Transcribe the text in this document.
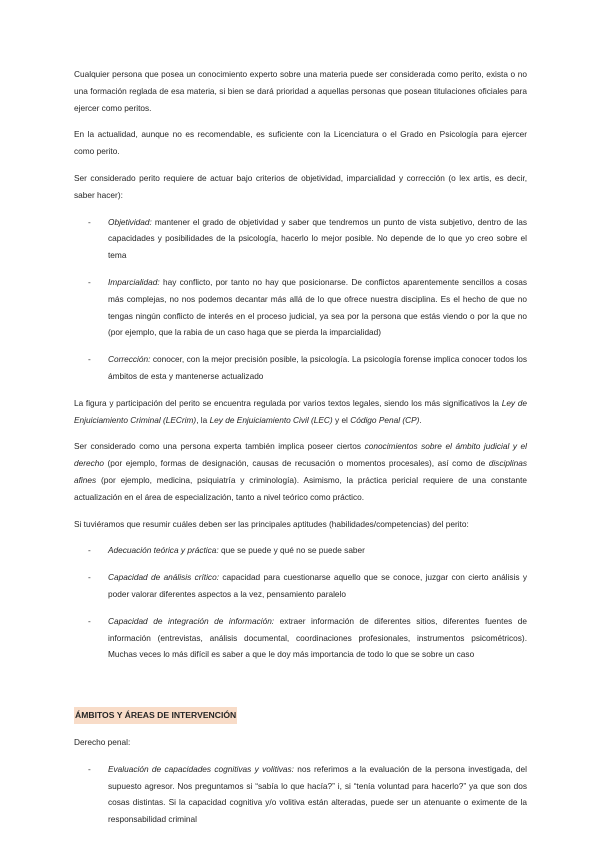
Cualquier persona que posea un conocimiento experto sobre una materia puede ser considerada como perito, exista o no una formación reglada de esa materia, si bien se dará prioridad a aquellas personas que posean titulaciones oficiales para ejercer como peritos.

En la actualidad, aunque no es recomendable, es suficiente con la Licenciatura o el Grado en Psicología para ejercer como perito.

Ser considerado perito requiere de actuar bajo criterios de objetividad, imparcialidad y corrección (o lex artis, es decir, saber hacer):

- Objetividad: mantener el grado de objetividad y saber que tendremos un punto de vista subjetivo, dentro de las capacidades y posibilidades de la psicología, hacerlo lo mejor posible. No depende de lo que yo creo sobre el tema
- Imparcialidad: hay conflicto, por tanto no hay que posicionarse. De conflictos aparentemente sencillos a cosas más complejas, no nos podemos decantar más allá de lo que ofrece nuestra disciplina. Es el hecho de que no tengas ningún conflicto de interés en el proceso judicial, ya sea por la persona que estás viendo o por la que no (por ejemplo, que la rabia de un caso haga que se pierda la imparcialidad)
- Corrección: conocer, con la mejor precisión posible, la psicología. La psicología forense implica conocer todos los ámbitos de esta y mantenerse actualizado

La figura y participación del perito se encuentra regulada por varios textos legales, siendo los más significativos la Ley de Enjuiciamiento Criminal (LECrim), la Ley de Enjuiciamiento Civil (LEC) y el Código Penal (CP).

Ser considerado como una persona experta también implica poseer ciertos conocimientos sobre el ámbito judicial y el derecho (por ejemplo, formas de designación, causas de recusación o momentos procesales), así como de disciplinas afines (por ejemplo, medicina, psiquiatría y criminología). Asimismo, la práctica pericial requiere de una constante actualización en el área de especialización, tanto a nivel teórico como práctico.

Si tuviéramos que resumir cuáles deben ser las principales aptitudes (habilidades/competencias) del perito:

- Adecuación teórica y práctica: que se puede y qué no se puede saber
- Capacidad de análisis crítico: capacidad para cuestionarse aquello que se conoce, juzgar con cierto análisis y poder valorar diferentes aspectos a la vez, pensamiento paralelo
- Capacidad de integración de información: extraer información de diferentes sitios, diferentes fuentes de información (entrevistas, análisis documental, coordinaciones profesionales, instrumentos psicométricos). Muchas veces lo más difícil es saber a que le doy más importancia de todo lo que se sobre un caso
ÁMBITOS Y ÁREAS DE INTERVENCIÓN

Derecho penal:

- Evaluación de capacidades cognitivas y volitivas: nos referimos a la evaluación de la persona investigada, del supuesto agresor. Nos preguntamos si “sabía lo que hacía?” i, si “tenía voluntad para hacerlo?” ya que son dos cosas distintas. Si la capacidad cognitiva y/o volitiva están alteradas, puede ser un atenuante o eximente de la responsabilidad criminal
